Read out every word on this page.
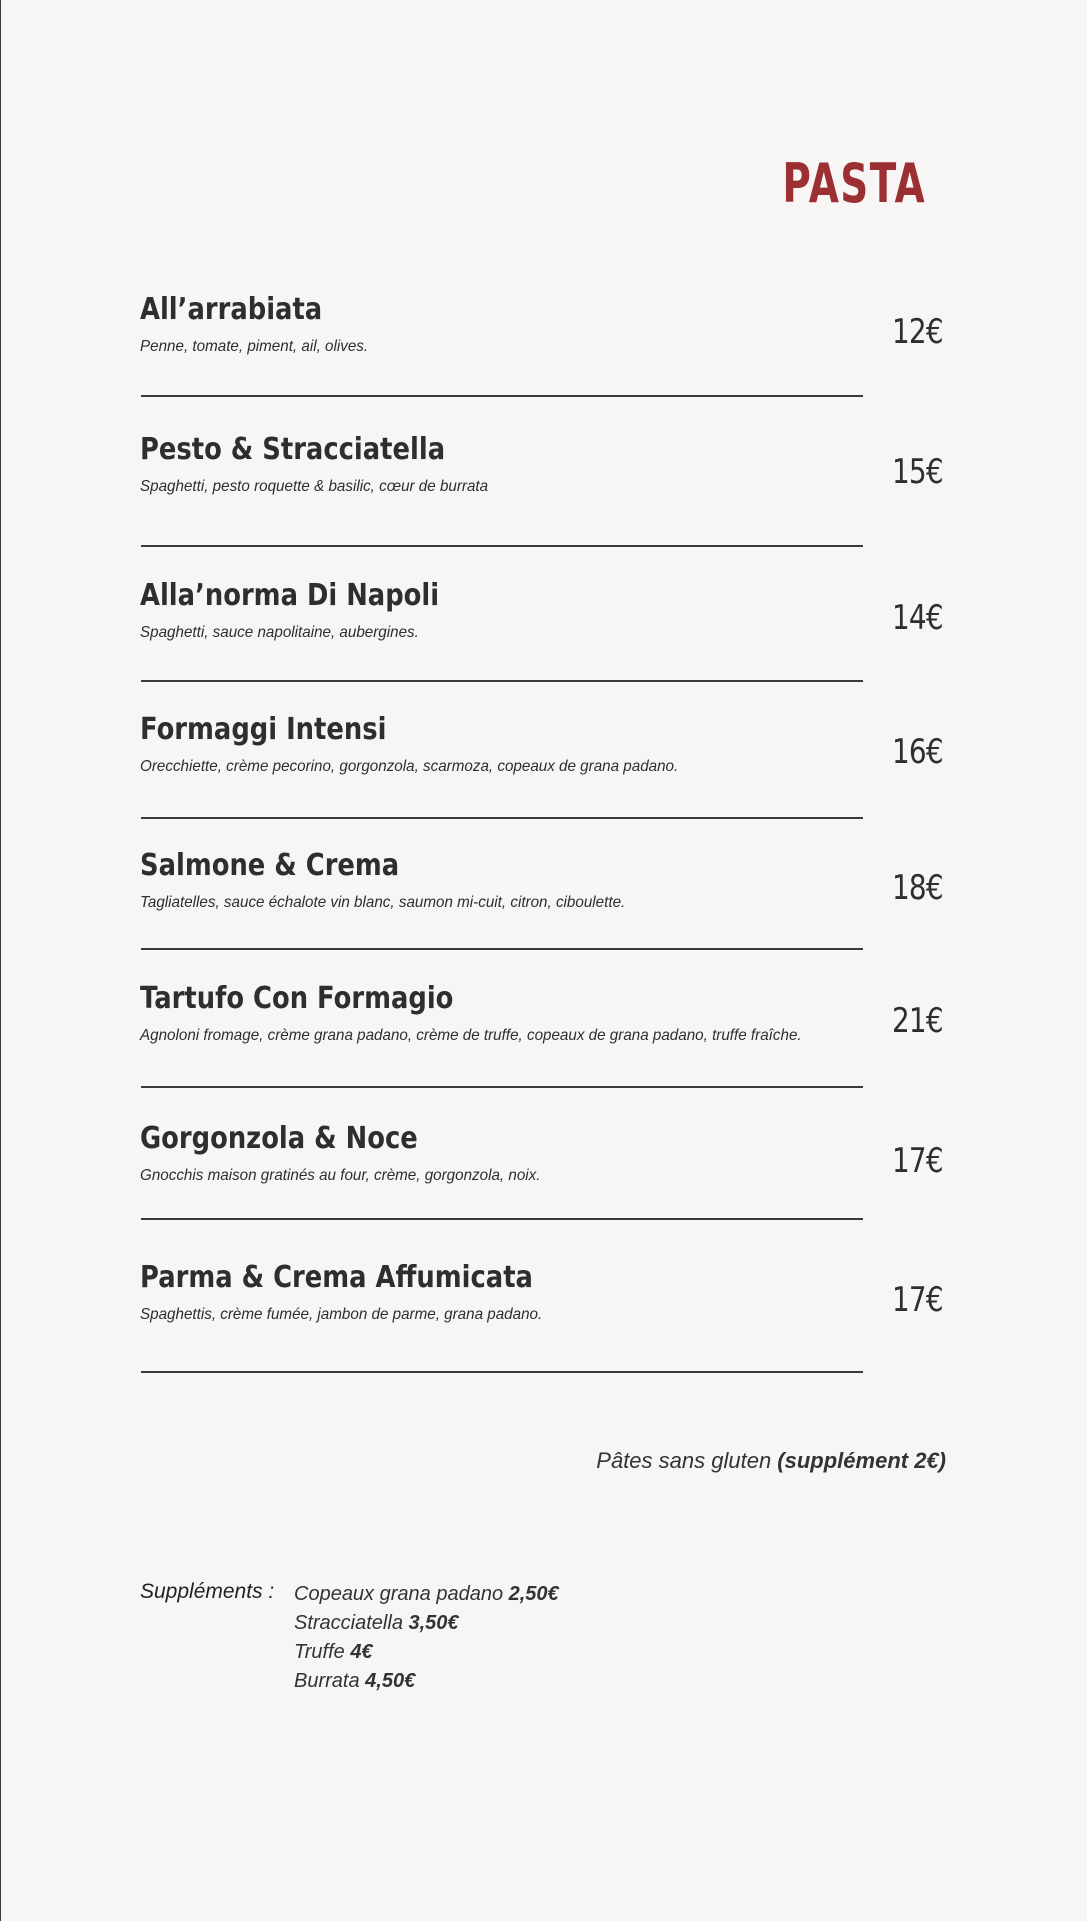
PASTA
All’arrabiata
Penne, tomate, piment, ail, olives.	12€
Pesto & Stracciatella
Spaghetti, pesto roquette & basilic, cœur de burrata	15€
Alla’norma Di Napoli
Spaghetti, sauce napolitaine, aubergines.	14€
Formaggi Intensi
Orecchiette, crème pecorino, gorgonzola, scarmoza, copeaux de grana padano.	16€
Salmone & Crema
Tagliatelles, sauce échalote vin blanc, saumon mi-cuit, citron, ciboulette.	18€
Tartufo Con Formagio
Agnoloni fromage, crème grana padano, crème de truffe, copeaux de grana padano, truffe fraîche.	21€
Gorgonzola & Noce
Gnocchis maison gratinés au four, crème, gorgonzola, noix.	17€
Parma & Crema Affumicata
Spaghettis, crème fumée, jambon de parme, grana padano.	17€
Pâtes sans gluten (supplément 2€)
Suppléments : Copeaux grana padano 2,50€
Stracciatella 3,50€
Truffe 4€
Burrata 4,50€
